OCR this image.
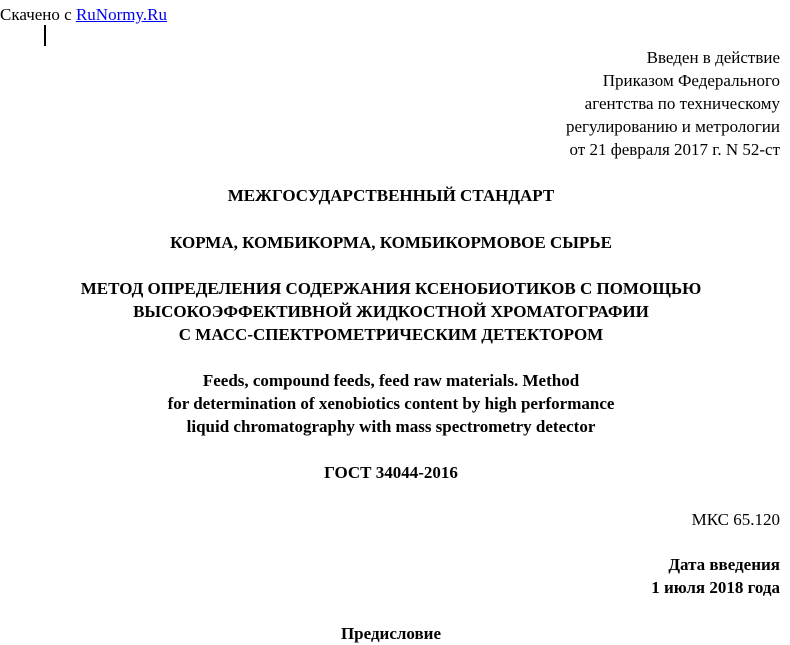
Скачено с RuNormy.Ru
Введен в действие
Приказом Федерального
агентства по техническому
регулированию и метрологии
от 21 февраля 2017 г. N 52-ст
МЕЖГОСУДАРСТВЕННЫЙ СТАНДАРТ
КОРМА, КОМБИКОРМА, КОМБИКОРМОВОЕ СЫРЬЕ
МЕТОД ОПРЕДЕЛЕНИЯ СОДЕРЖАНИЯ КСЕНОБИОТИКОВ С ПОМОЩЬЮ
ВЫСОКОЭФФЕКТИВНОЙ ЖИДКОСТНОЙ ХРОМАТОГРАФИИ
С МАСС-СПЕКТРОМЕТРИЧЕСКИМ ДЕТЕКТОРОМ
Feeds, compound feeds, feed raw materials. Method
for determination of xenobiotics content by high performance
liquid chromatography with mass spectrometry detector
ГОСТ 34044-2016
МКС 65.120
Дата введения
1 июля 2018 года
Предисловие
